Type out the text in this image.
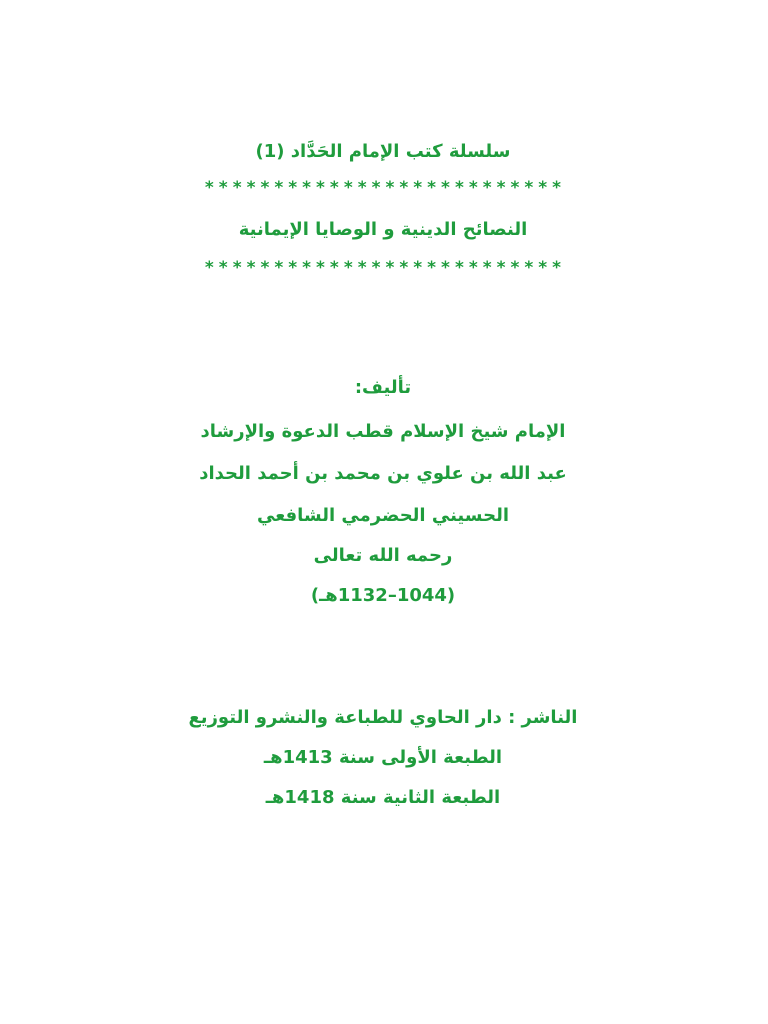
سلسلة كتب الإمام الحَدَّاد (1)
**************************
النصائح الدينية و الوصايا الإيمانية
**************************
تأليف:
الإمام شيخ الإسلام قطب الدعوة والإرشاد
عبد الله بن علوي بن محمد بن أحمد الحداد
الحسيني الحضرمي الشافعي
رحمه الله تعالى
(1044–1132هـ)
الناشر : دار الحاوي للطباعة والنشرو التوزيع
الطبعة الأولى سنة 1413هـ
الطبعة الثانية سنة 1418هـ
